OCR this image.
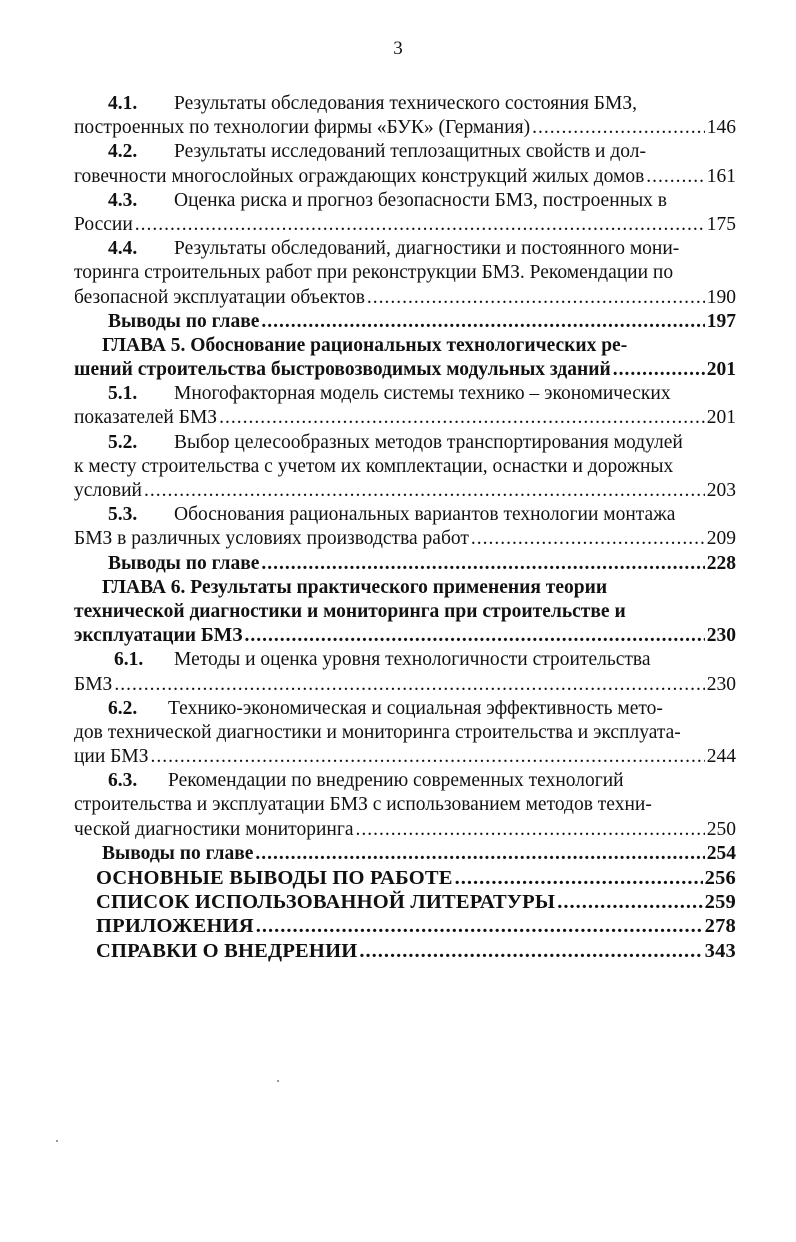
3
4.1. Результаты обследования технического состояния БМЗ,
построенных по технологии фирмы «БУК» (Германия) .....	146
4.2. Результаты исследований теплозащитных свойств и дол-
говечности многослойных ограждающих конструкций жилых домов .....	161
4.3. Оценка риска и прогноз безопасности БМЗ, построенных в
России .....	175
4.4. Результаты обследований, диагностики и постоянного мони-
торинга строительных работ при реконструкции БМЗ. Рекомендации по
безопасной эксплуатации объектов .....	190
Выводы по главе .....	197
ГЛАВА 5. Обоснование рациональных технологических ре-
шений строительства быстровозводимых модульных зданий .....	201
5.1. Многофакторная модель системы технико – экономических
показателей БМЗ .....	201
5.2. Выбор целесообразных методов транспортирования модулей
к месту строительства с учетом их комплектации, оснастки и дорожных
условий .....	203
5.3. Обоснования рациональных вариантов технологии монтажа
БМЗ в различных условиях производства работ .....	209
Выводы по главе .....	228
ГЛАВА 6. Результаты практического применения теории
технической диагностики и мониторинга при строительстве и
эксплуатации БМЗ .....	230
6.1. Методы и оценка уровня технологичности строительства
БМЗ .....	230
6.2. Технико-экономическая и социальная эффективность мето-
дов технической диагностики и мониторинга строительства и эксплуата-
ции БМЗ .....	244
6.3. Рекомендации по внедрению современных технологий
строительства и эксплуатации БМЗ с использованием методов техни-
ческой диагностики мониторинга .....	250
Выводы по главе .....	254
ОСНОВНЫЕ ВЫВОДЫ ПО РАБОТЕ .....	256
СПИСОК ИСПОЛЬЗОВАННОЙ ЛИТЕРАТУРЫ .....	259
ПРИЛОЖЕНИЯ .....	278
СПРАВКИ О ВНЕДРЕНИИ .....	343
